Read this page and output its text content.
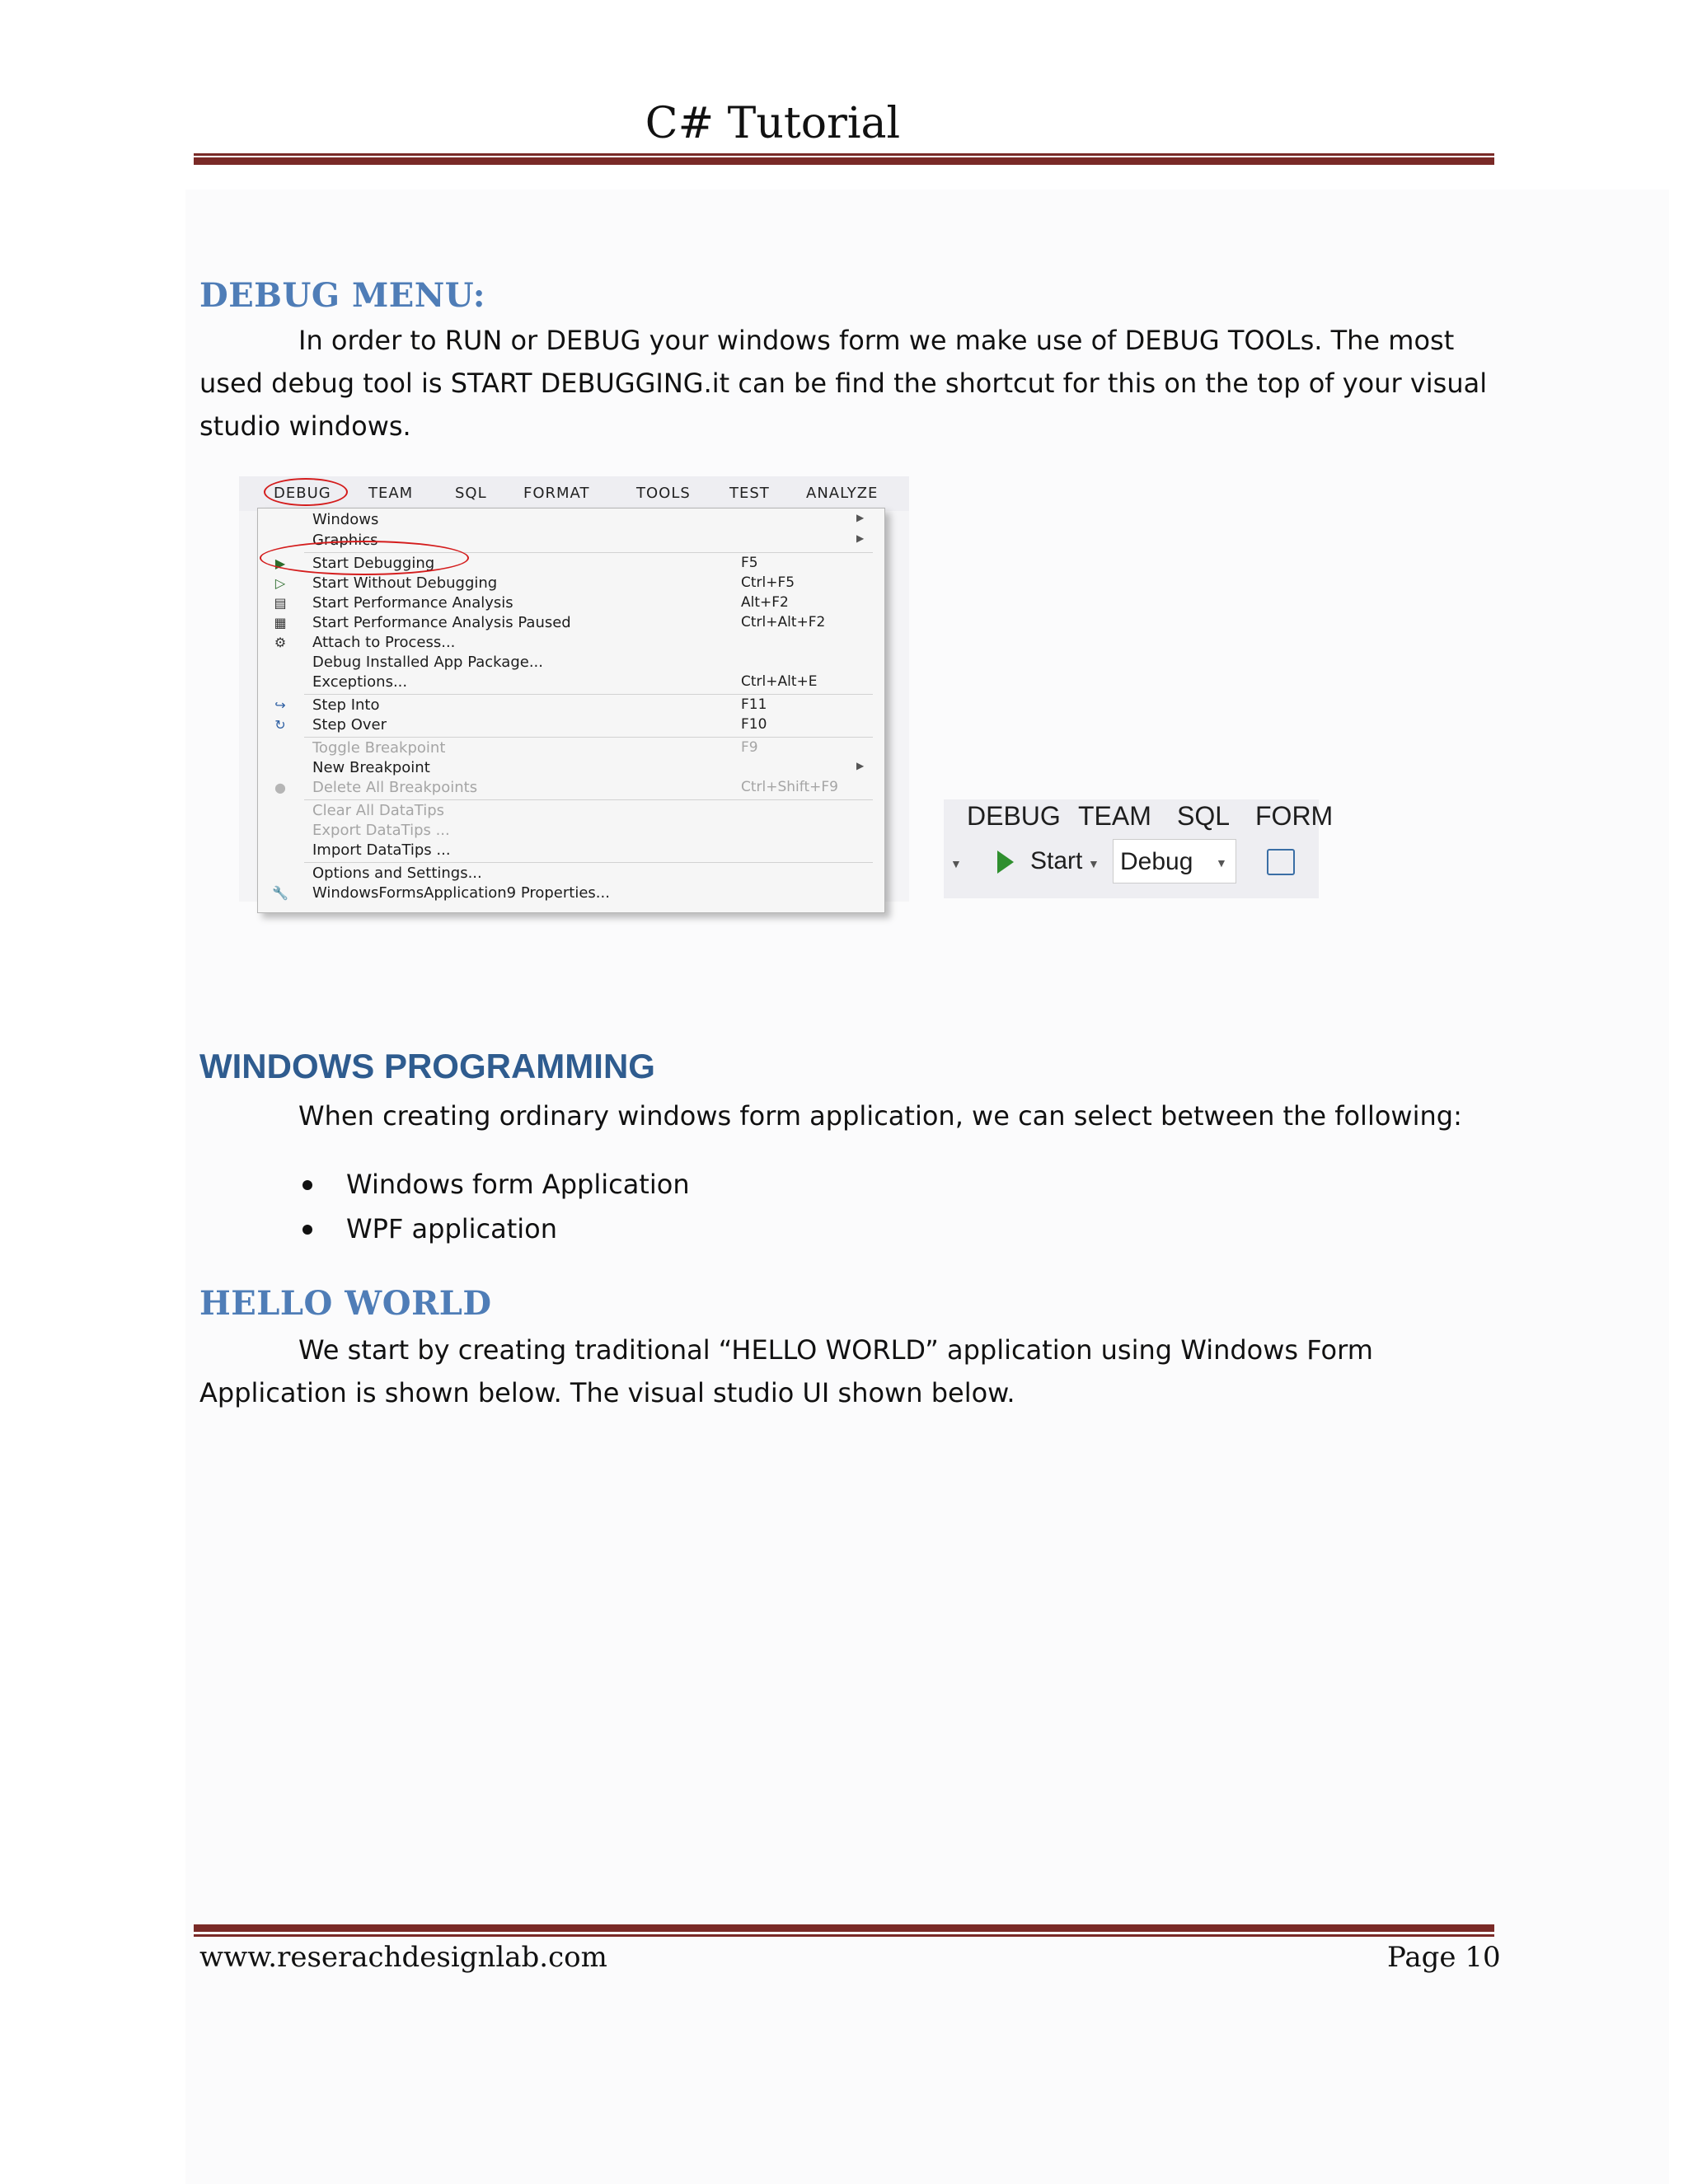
C# Tutorial
DEBUG MENU:
In order to RUN or DEBUG your windows form we make use of DEBUG TOOLs. The most used debug tool is START DEBUGGING.it can be find the shortcut for this on the top of your visual studio windows.
DEBUG	TEAM	SQL FORMAT	TOOLS	TEST ANALYZE
Windows	▶
Graphics	▶
▶ Start Debugging	F5
▷ Start Without Debugging	Ctrl+F5
▤ Start Performance Analysis	Alt+F2
▦ Start Performance Analysis Paused	Ctrl+Alt+F2
⚙ Attach to Process...
Debug Installed App Package...
Exceptions...	Ctrl+Alt+E
↪ Step Into	F11
↻ Step Over	F10
Toggle Breakpoint	F9
New Breakpoint	▶
● Delete All Breakpoints	Ctrl+Shift+F9
Clear All DataTips
Export DataTips ...
Import DataTips ...
Options and Settings...
🔧 WindowsFormsApplication9 Properties...
DEBUG TEAM SQL FORM
▼	Start ▼ Debug ▼
WINDOWS PROGRAMMING
When creating ordinary windows form application, we can select between the following:
Windows form Application
WPF application
HELLO WORLD
We start by creating traditional “HELLO WORLD” application using Windows Form Application is shown below. The visual studio UI shown below.
www.reserachdesignlab.com	Page 10
